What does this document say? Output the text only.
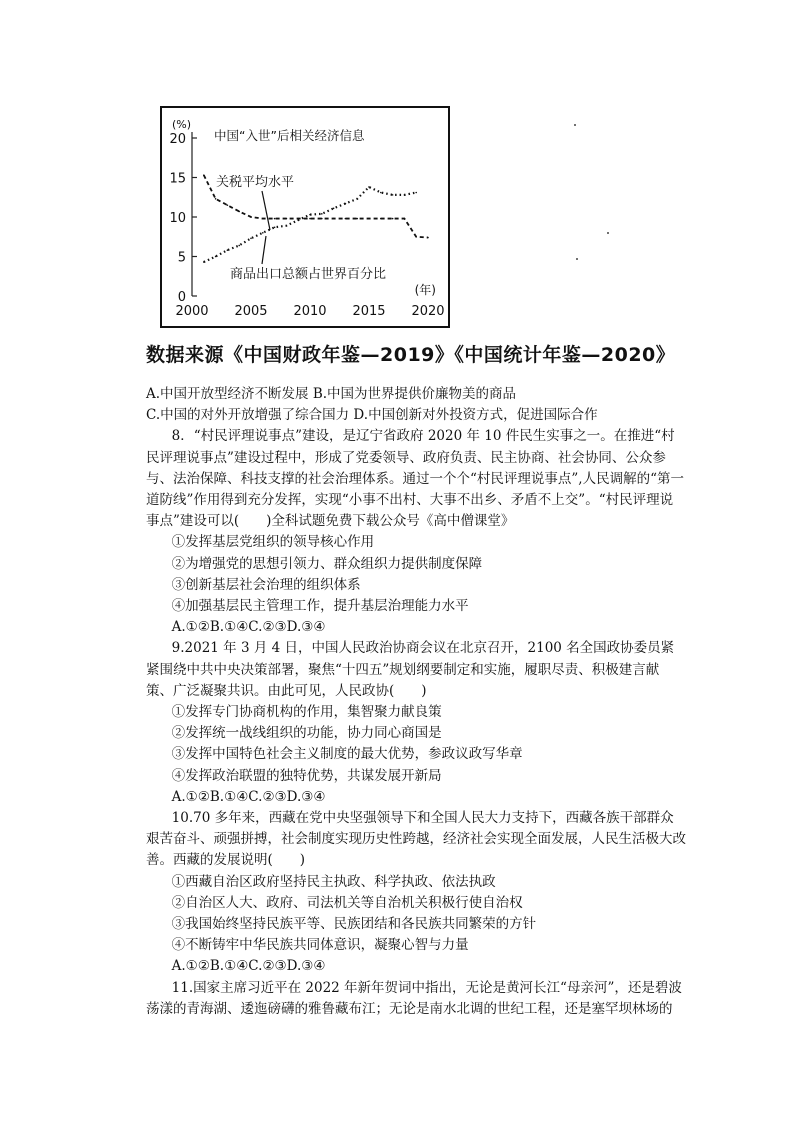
0
5
10
15
20
2000 2005 2010 2015 2020
(%)
(年)
中国“入世”后相关经济信息
关税平均水平
商品出口总额占世界百分比
数据来源《中国财政年鉴—2019》《中国统计年鉴—2020》

A.中国开放型经济不断发展 B.中国为世界提供价廉物美的商品

C.中国的对外开放增强了综合国力 D.中国创新对外投资方式，促进国际合作

8．“村民评理说事点”建设，是辽宁省政府 2020 年 10 件民生实事之一。在推进“村民评理说事点”建设过程中，形成了党委领导、政府负责、民主协商、社会协同、公众参与、法治保障、科技支撑的社会治理体系。通过一个个“村民评理说事点”,人民调解的“第一道防线”作用得到充分发挥，实现“小事不出村、大事不出乡、矛盾不上交”。“村民评理说事点”建设可以(　　)全科试题免费下载公众号《高中僧课堂》

①发挥基层党组织的领导核心作用

②为增强党的思想引领力、群众组织力提供制度保障

③创新基层社会治理的组织体系

④加强基层民主管理工作，提升基层治理能力水平

A.①②B.①④C.②③D.③④

9.2021 年 3 月 4 日，中国人民政治协商会议在北京召开，2100 名全国政协委员紧紧围绕中共中央决策部署，聚焦“十四五”规划纲要制定和实施，履职尽责、积极建言献策、广泛凝聚共识。由此可见，人民政协(　　)

①发挥专门协商机构的作用，集智聚力献良策

②发挥统一战线组织的功能，协力同心商国是

③发挥中国特色社会主义制度的最大优势，参政议政写华章

④发挥政治联盟的独特优势，共谋发展开新局

A.①②B.①④C.②③D.③④

10.70 多年来，西藏在党中央坚强领导下和全国人民大力支持下，西藏各族干部群众艰苦奋斗、顽强拼搏，社会制度实现历史性跨越，经济社会实现全面发展，人民生活极大改善。西藏的发展说明(　　)

①西藏自治区政府坚持民主执政、科学执政、依法执政

②自治区人大、政府、司法机关等自治机关积极行使自治权

③我国始终坚持民族平等、民族团结和各民族共同繁荣的方针

④不断铸牢中华民族共同体意识，凝聚心智与力量

A.①②B.①④C.②③D.③④

11.国家主席习近平在 2022 年新年贺词中指出，无论是黄河长江“母亲河”，还是碧波荡漾的青海湖、逶迤磅礴的雅鲁藏布江；无论是南水北调的世纪工程，还是塞罕坝林场的
